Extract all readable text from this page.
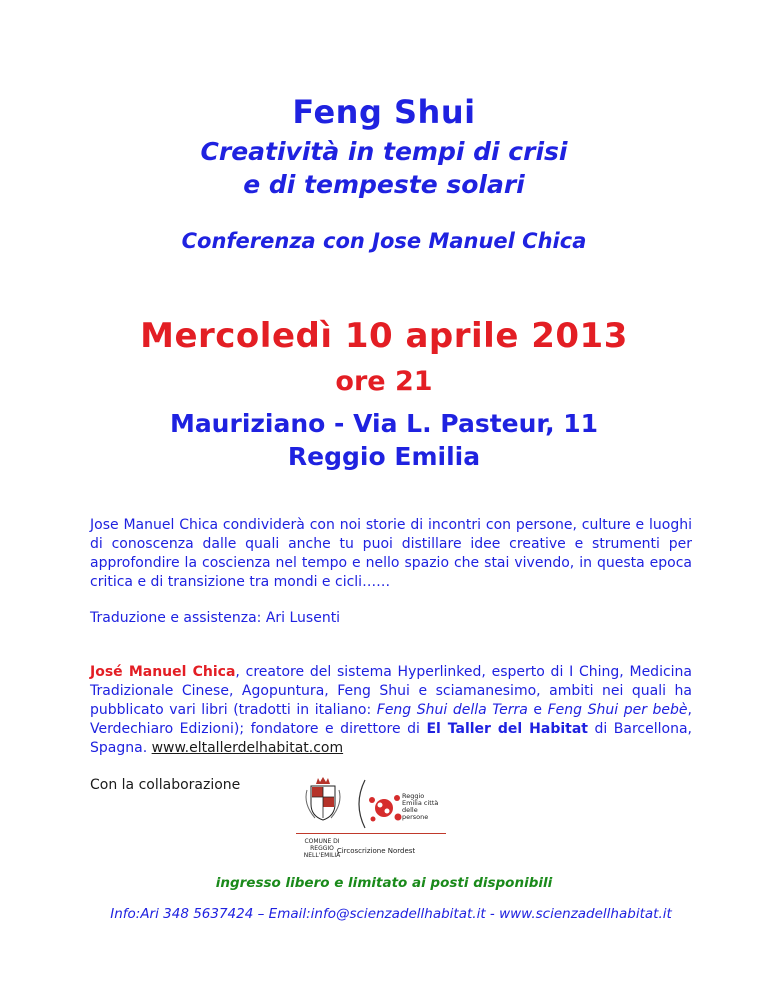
Feng Shui
Creatività in tempi di crisi
e di tempeste solari
Conferenza con Jose Manuel Chica
Mercoledì 10 aprile 2013
ore 21
Mauriziano - Via L. Pasteur, 11
Reggio Emilia
Jose Manuel Chica condividerà con noi storie di incontri con persone, culture e luoghi di conoscenza dalle quali anche tu puoi distillare idee creative e strumenti per approfondire la coscienza nel tempo e nello spazio che stai vivendo, in questa epoca critica e di transizione tra mondi e cicli……
Traduzione e assistenza: Ari Lusenti
José Manuel Chica, creatore del sistema Hyperlinked, esperto di I Ching, Medicina Tradizionale Cinese, Agopuntura, Feng Shui e sciamanesimo, ambiti nei quali ha pubblicato vari libri (tradotti in italiano: Feng Shui della Terra e Feng Shui per bebè, Verdechiaro Edizioni); fondatore e direttore di El Taller del Habitat di Barcellona, Spagna. www.eltallerdelhabitat.com
Con la collaborazione
COMUNE DI REGGIO NELL'EMILIA
Reggio Emilia città delle persone
Circoscrizione Nordest
ingresso libero e limitato ai posti disponibili
Info:Ari 348 5637424 – Email:info@scienzadellhabitat.it - www.scienzadellhabitat.it
